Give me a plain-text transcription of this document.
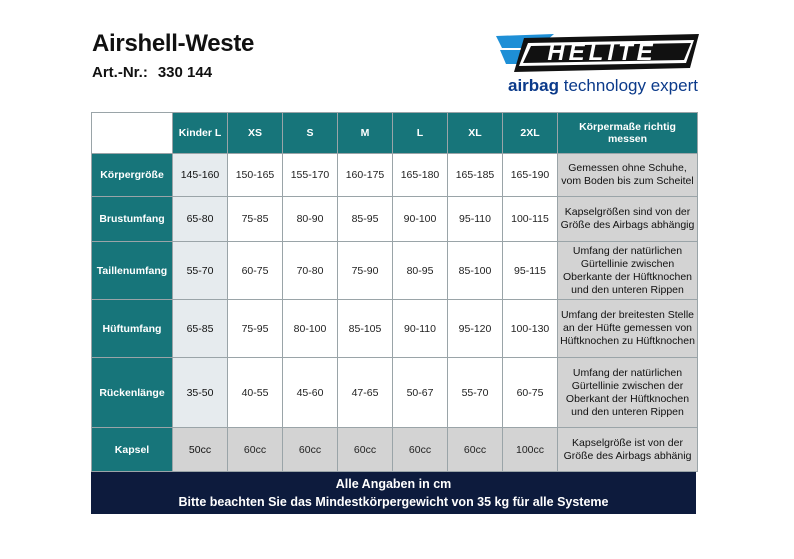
Airshell-Weste
Art.-Nr.: 330 144
HELITE
airbag technology expert
	Kinder L	XS	S	M	L	XL	2XL	Körpermaße richtig messen
Körpergröße	145-160	150-165	155-170	160-175	165-180	165-185	165-190	Gemessen ohne Schuhe, vom Boden bis zum Scheitel
Brustumfang	65-80	75-85	80-90	85-95	90-100	95-110	100-115	Kapselgrößen sind von der Größe des Airbags abhängig
Taillenumfang	55-70	60-75	70-80	75-90	80-95	85-100	95-115	Umfang der natürlichen Gürtellinie zwischen Oberkante der Hüftknochen und den unteren Rippen
Hüftumfang	65-85	75-95	80-100	85-105	90-110	95-120	100-130	Umfang der breitesten Stelle an der Hüfte gemessen von Hüftknochen zu Hüftknochen
Rückenlänge	35-50	40-55	45-60	47-65	50-67	55-70	60-75	Umfang der natürlichen Gürtellinie zwischen der Oberkant der Hüftknochen und den unteren Rippen
Kapsel	50cc	60cc	60cc	60cc	60cc	60cc	100cc	Kapselgröße ist von der Größe des Airbags abhänig
Alle Angaben in cm
Bitte beachten Sie das Mindestkörpergewicht von 35 kg für alle Systeme
